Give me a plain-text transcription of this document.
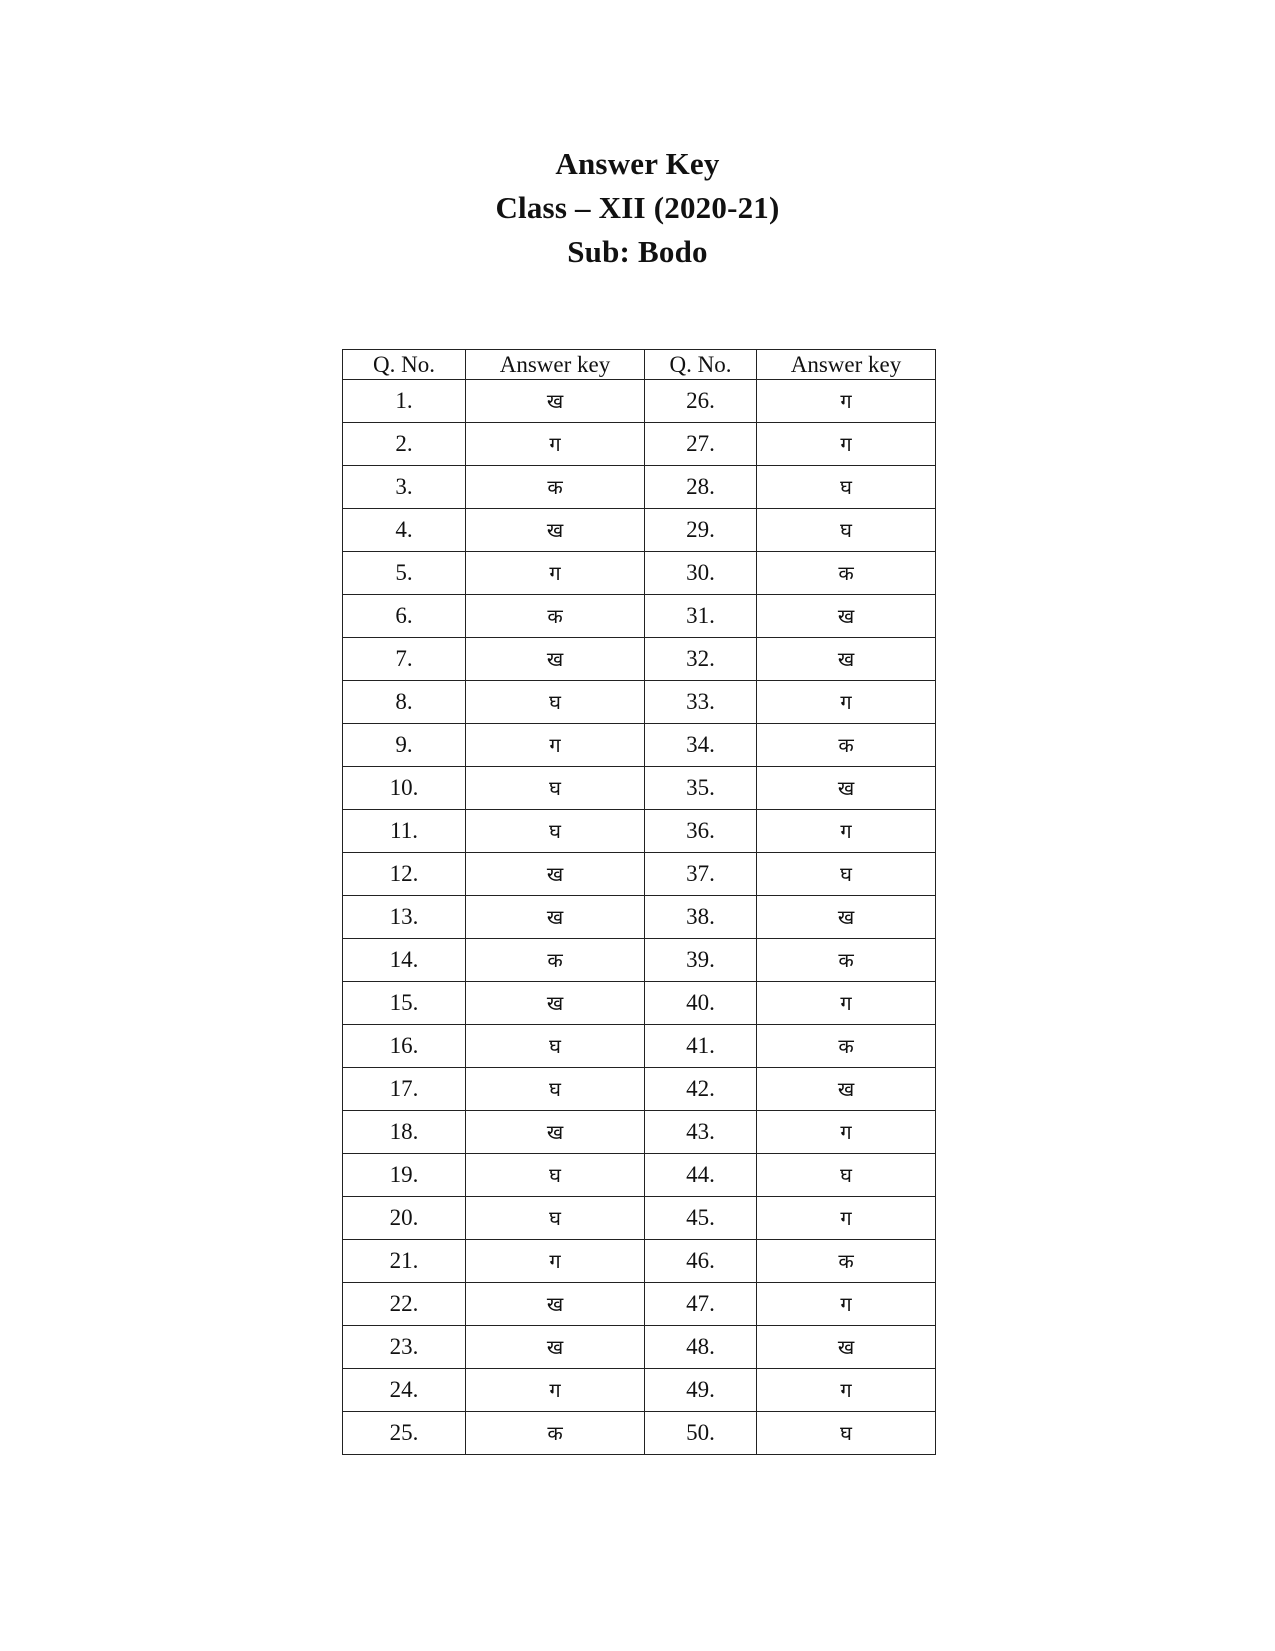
Answer Key
Class – XII (2020-21)
Sub: Bodo
Q. No.	Answer key	Q. No.	Answer key
1.	ख	26.	ग
2.	ग	27.	ग
3.	क	28.	घ
4.	ख	29.	घ
5.	ग	30.	क
6.	क	31.	ख
7.	ख	32.	ख
8.	घ	33.	ग
9.	ग	34.	क
10.	घ	35.	ख
11.	घ	36.	ग
12.	ख	37.	घ
13.	ख	38.	ख
14.	क	39.	क
15.	ख	40.	ग
16.	घ	41.	क
17.	घ	42.	ख
18.	ख	43.	ग
19.	घ	44.	घ
20.	घ	45.	ग
21.	ग	46.	क
22.	ख	47.	ग
23.	ख	48.	ख
24.	ग	49.	ग
25.	क	50.	घ
